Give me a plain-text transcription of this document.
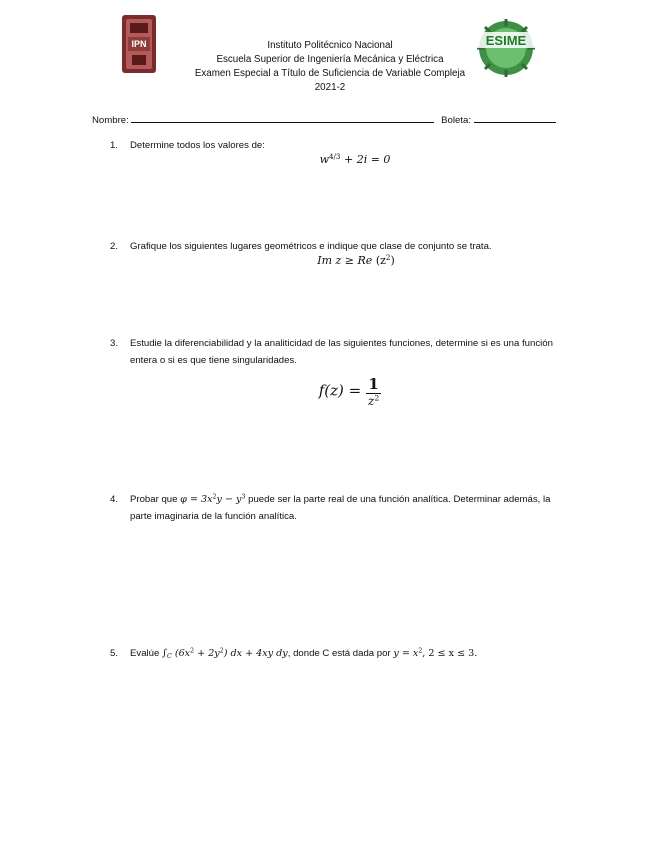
IPN	ESIME
Instituto Politécnico Nacional
Escuela Superior de Ingeniería Mecánica y Eléctrica
Examen Especial a Título de Suficiencia de Variable Compleja
2021-2
Nombre:	Boleta:
1.	Determine todos los valores de:
$w^{4/3} + 2i = 0$
2.	Grafique los siguientes lugares geométricos e indique que clase de conjunto se trata.
Im z ≥ Re $(z^2)$
3.	Estudie la diferenciabilidad y la analiticidad de las siguientes funciones, determine si es una función entera o si es que tiene singularidades.
$f(z) = \frac{1}{z^2}$
4.	Probar que $\varphi = 3x^2y - y^3$ puede ser la parte real de una función analítica. Determinar además, la parte imaginaria de la función analítica.
5.	Evalúe $\int_C$ $(6x^2 + 2y^2)$ dx + 4xy dy, donde C está dada por $y = x^2$, 2 ≤ x ≤ 3.
